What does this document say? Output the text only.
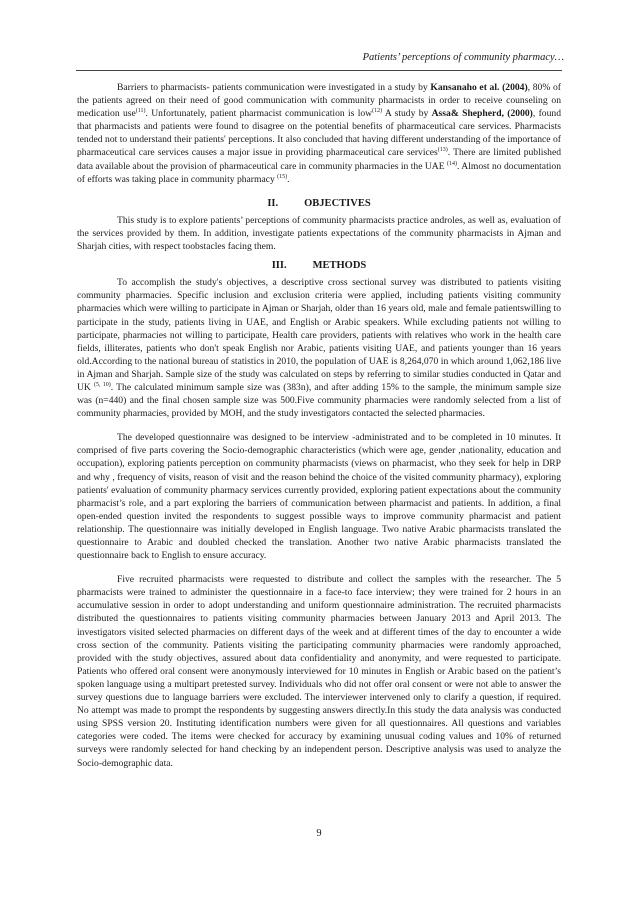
Patients’ perceptions of community pharmacy…

Barriers to pharmacists- patients communication were investigated in a study by Kansanaho et al. (2004), 80% of the patients agreed on their need of good communication with community pharmacists in order to receive counseling on medication use$^{(11)}$. Unfortunately, patient pharmacist communication is low$^{(12)}$ A study by Assa& Shepherd, (2000), found that pharmacists and patients were found to disagree on the potential benefits of pharmaceutical care services. Pharmacists tended not to understand their patients' perceptions. It also concluded that having different understanding of the importance of pharmaceutical care services causes a major issue in providing pharmaceutical care services$^{(13)}$. There are limited published data available about the provision of pharmaceutical care in community pharmacies in the UAE $^{(14)}$. Almost no documentation of efforts was taking place in community pharmacy $^{(15)}$.

II. OBJECTIVES

This study is to explore patients’ perceptions of community pharmacists practice androles, as well as, evaluation of the services provided by them. In addition, investigate patients expectations of the community pharmacists in Ajman and Sharjah cities, with respect toobstacles facing them.

III. METHODS

To accomplish the study's objectives, a descriptive cross sectional survey was distributed to patients visiting community pharmacies. Specific inclusion and exclusion criteria were applied, including patients visiting community pharmacies which were willing to participate in Ajman or Sharjah, older than 16 years old, male and female patientswilling to participate in the study, patients living in UAE, and English or Arabic speakers. While excluding patients not willing to participate, pharmacies not willing to participate, Health care providers, patients with relatives who work in the health care fields, illiterates, patients who don't speak English nor Arabic, patients visiting UAE, and patients younger than 16 years old.According to the national bureau of statistics in 2010, the population of UAE is 8,264,070 in which around 1,062,186 live in Ajman and Sharjah. Sample size of the study was calculated on steps by referring to similar studies conducted in Qatar and UK $^{(5, 10)}$. The calculated minimum sample size was (383n), and after adding 15% to the sample, the minimum sample size was (n=440) and the final chosen sample size was 500.Five community pharmacies were randomly selected from a list of community pharmacies, provided by MOH, and the study investigators contacted the selected pharmacies.

The developed questionnaire was designed to be interview -administrated and to be completed in 10 minutes. It comprised of five parts covering the Socio-demographic characteristics (which were age, gender ,nationality, education and occupation), exploring patients perception on community pharmacists (views on pharmacist, who they seek for help in DRP and why , frequency of visits, reason of visit and the reason behind the choice of the visited community pharmacy), exploring patients' evaluation of community pharmacy services currently provided, exploring patient expectations about the community pharmacist’s role, and a part exploring the barriers of communication between pharmacist and patients. In addition, a final open-ended question invited the respondents to suggest possible ways to improve community pharmacist and patient relationship. The questionnaire was initially developed in English language. Two native Arabic pharmacists translated the questionnaire to Arabic and doubled checked the translation. Another two native Arabic pharmacists translated the questionnaire back to English to ensure accuracy.

Five recruited pharmacists were requested to distribute and collect the samples with the researcher. The 5 pharmacists were trained to administer the questionnaire in a face-to face interview; they were trained for 2 hours in an accumulative session in order to adopt understanding and uniform questionnaire administration. The recruited pharmacists distributed the questionnaires to patients visiting community pharmacies between January 2013 and April 2013. The investigators visited selected pharmacies on different days of the week and at different times of the day to encounter a wide cross section of the community. Patients visiting the participating community pharmacies were randomly approached, provided with the study objectives, assured about data confidentiality and anonymity, and were requested to participate. Patients who offered oral consent were anonymously interviewed for 10 minutes in English or Arabic based on the patient’s spoken language using a multipart pretested survey. Individuals who did not offer oral consent or were not able to answer the survey questions due to language barriers were excluded. The interviewer intervened only to clarify a question, if required. No attempt was made to prompt the respondents by suggesting answers directly.In this study the data analysis was conducted using SPSS version 20. Instituting identification numbers were given for all questionnaires. All questions and variables categories were coded. The items were checked for accuracy by examining unusual coding values and 10% of returned surveys were randomly selected for hand checking by an independent person. Descriptive analysis was used to analyze the Socio-demographic data.

9
